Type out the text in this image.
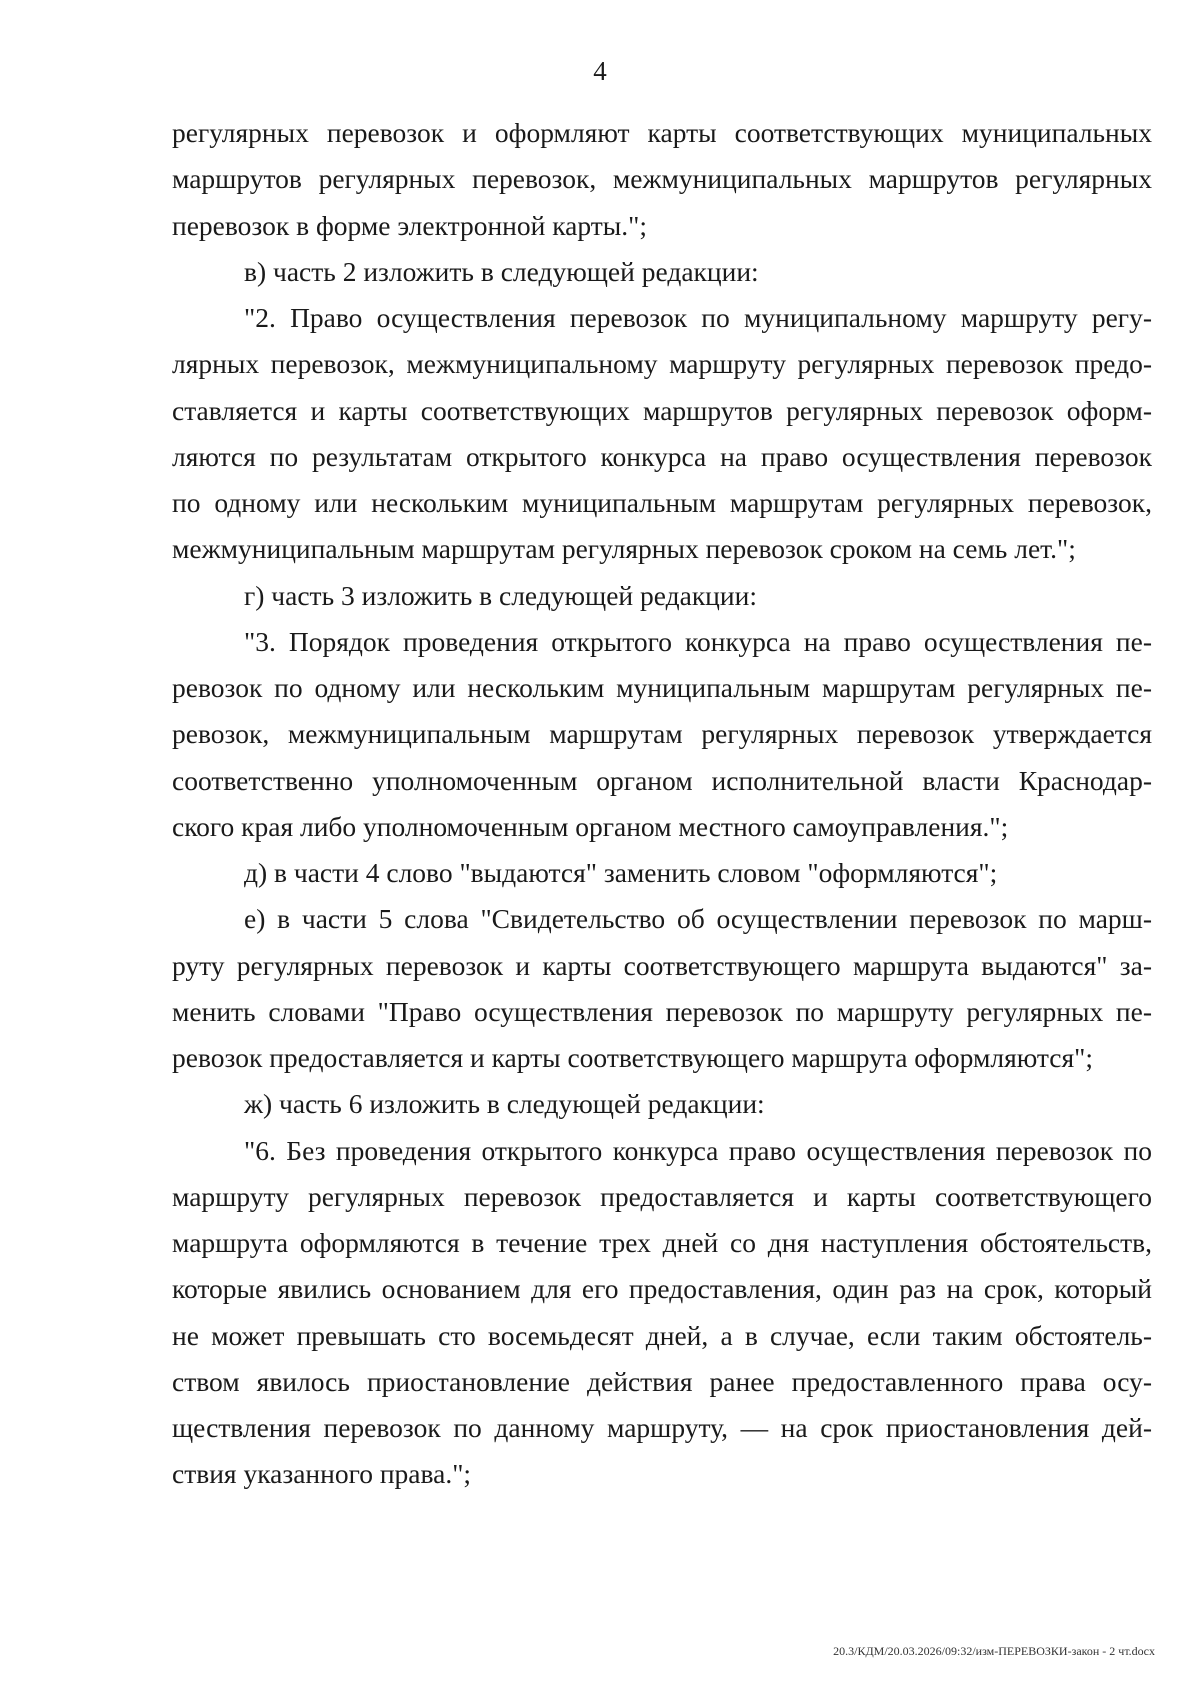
4
регулярных перевозок и оформляют карты соответствующих муниципальных
маршрутов регулярных перевозок, межмуниципальных маршрутов регулярных
перевозок в форме электронной карты.";
в) часть 2 изложить в следующей редакции:
"2. Право осуществления перевозок по муниципальному маршруту регу-
лярных перевозок, межмуниципальному маршруту регулярных перевозок предо-
ставляется и карты соответствующих маршрутов регулярных перевозок оформ-
ляются по результатам открытого конкурса на право осуществления перевозок
по одному или нескольким муниципальным маршрутам регулярных перевозок,
межмуниципальным маршрутам регулярных перевозок сроком на семь лет.";
г) часть 3 изложить в следующей редакции:
"3. Порядок проведения открытого конкурса на право осуществления пе-
ревозок по одному или нескольким муниципальным маршрутам регулярных пе-
ревозок, межмуниципальным маршрутам регулярных перевозок утверждается
соответственно уполномоченным органом исполнительной власти Краснодар-
ского края либо уполномоченным органом местного самоуправления.";
д) в части 4 слово "выдаются" заменить словом "оформляются";
е) в части 5 слова "Свидетельство об осуществлении перевозок по марш-
руту регулярных перевозок и карты соответствующего маршрута выдаются" за-
менить словами "Право осуществления перевозок по маршруту регулярных пе-
ревозок предоставляется и карты соответствующего маршрута оформляются";
ж) часть 6 изложить в следующей редакции:
"6. Без проведения открытого конкурса право осуществления перевозок по
маршруту регулярных перевозок предоставляется и карты соответствующего
маршрута оформляются в течение трех дней со дня наступления обстоятельств,
которые явились основанием для его предоставления, один раз на срок, который
не может превышать сто восемьдесят дней, а в случае, если таким обстоятель-
ством явилось приостановление действия ранее предоставленного права осу-
ществления перевозок по данному маршруту, — на срок приостановления дей-
ствия указанного права.";
20.3/КДМ/20.03.2026/09:32/изм-ПЕРЕВОЗКИ-закон - 2 чт.docx
